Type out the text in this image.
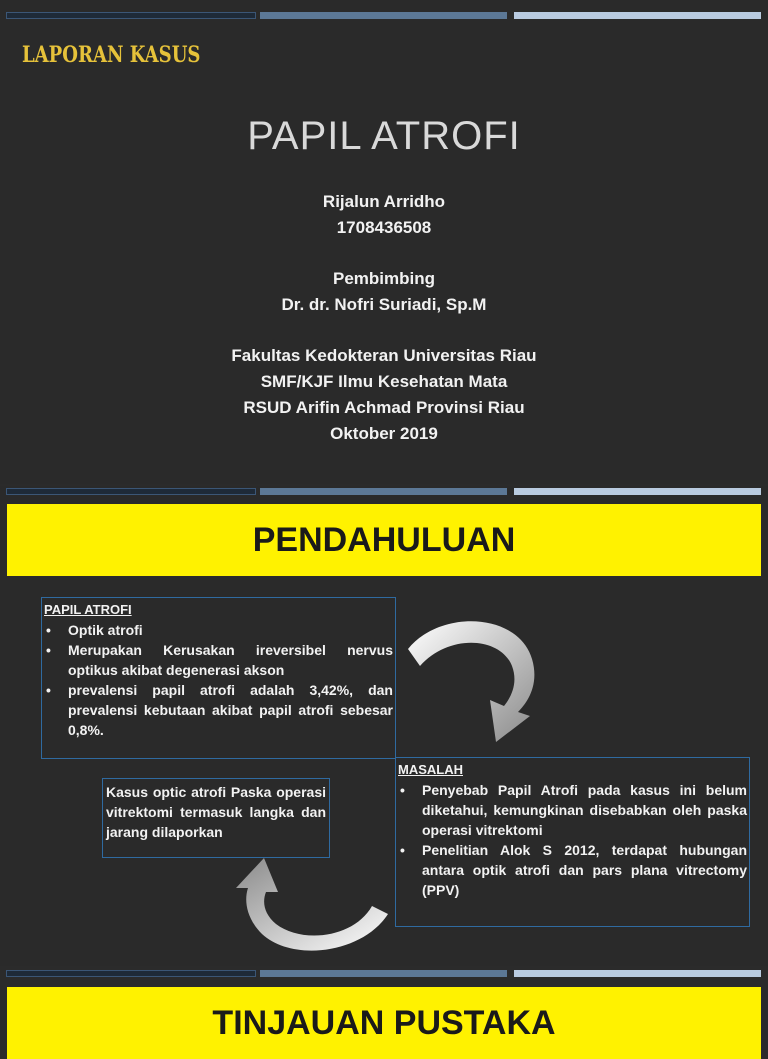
LAPORAN KASUS
PAPIL ATROFI
Rijalun Arridho
1708436508
Pembimbing
Dr. dr. Nofri Suriadi, Sp.M
Fakultas Kedokteran Universitas Riau
SMF/KJF Ilmu Kesehatan Mata
RSUD Arifin Achmad Provinsi Riau
Oktober 2019
PENDAHULUAN
PAPIL ATROFI
• Optik atrofi
• Merupakan Kerusakan ireversibel nervus optikus akibat degenerasi akson
• prevalensi papil atrofi adalah 3,42%, dan prevalensi kebutaan akibat papil atrofi sebesar 0,8%.
MASALAH
• Penyebab Papil Atrofi pada kasus ini belum diketahui, kemungkinan disebabkan oleh paska operasi vitrektomi
• Penelitian Alok S 2012, terdapat hubungan antara optik atrofi dan pars plana vitrectomy (PPV)
Kasus optic atrofi Paska operasi vitrektomi termasuk langka dan jarang dilaporkan
TINJAUAN PUSTAKA
